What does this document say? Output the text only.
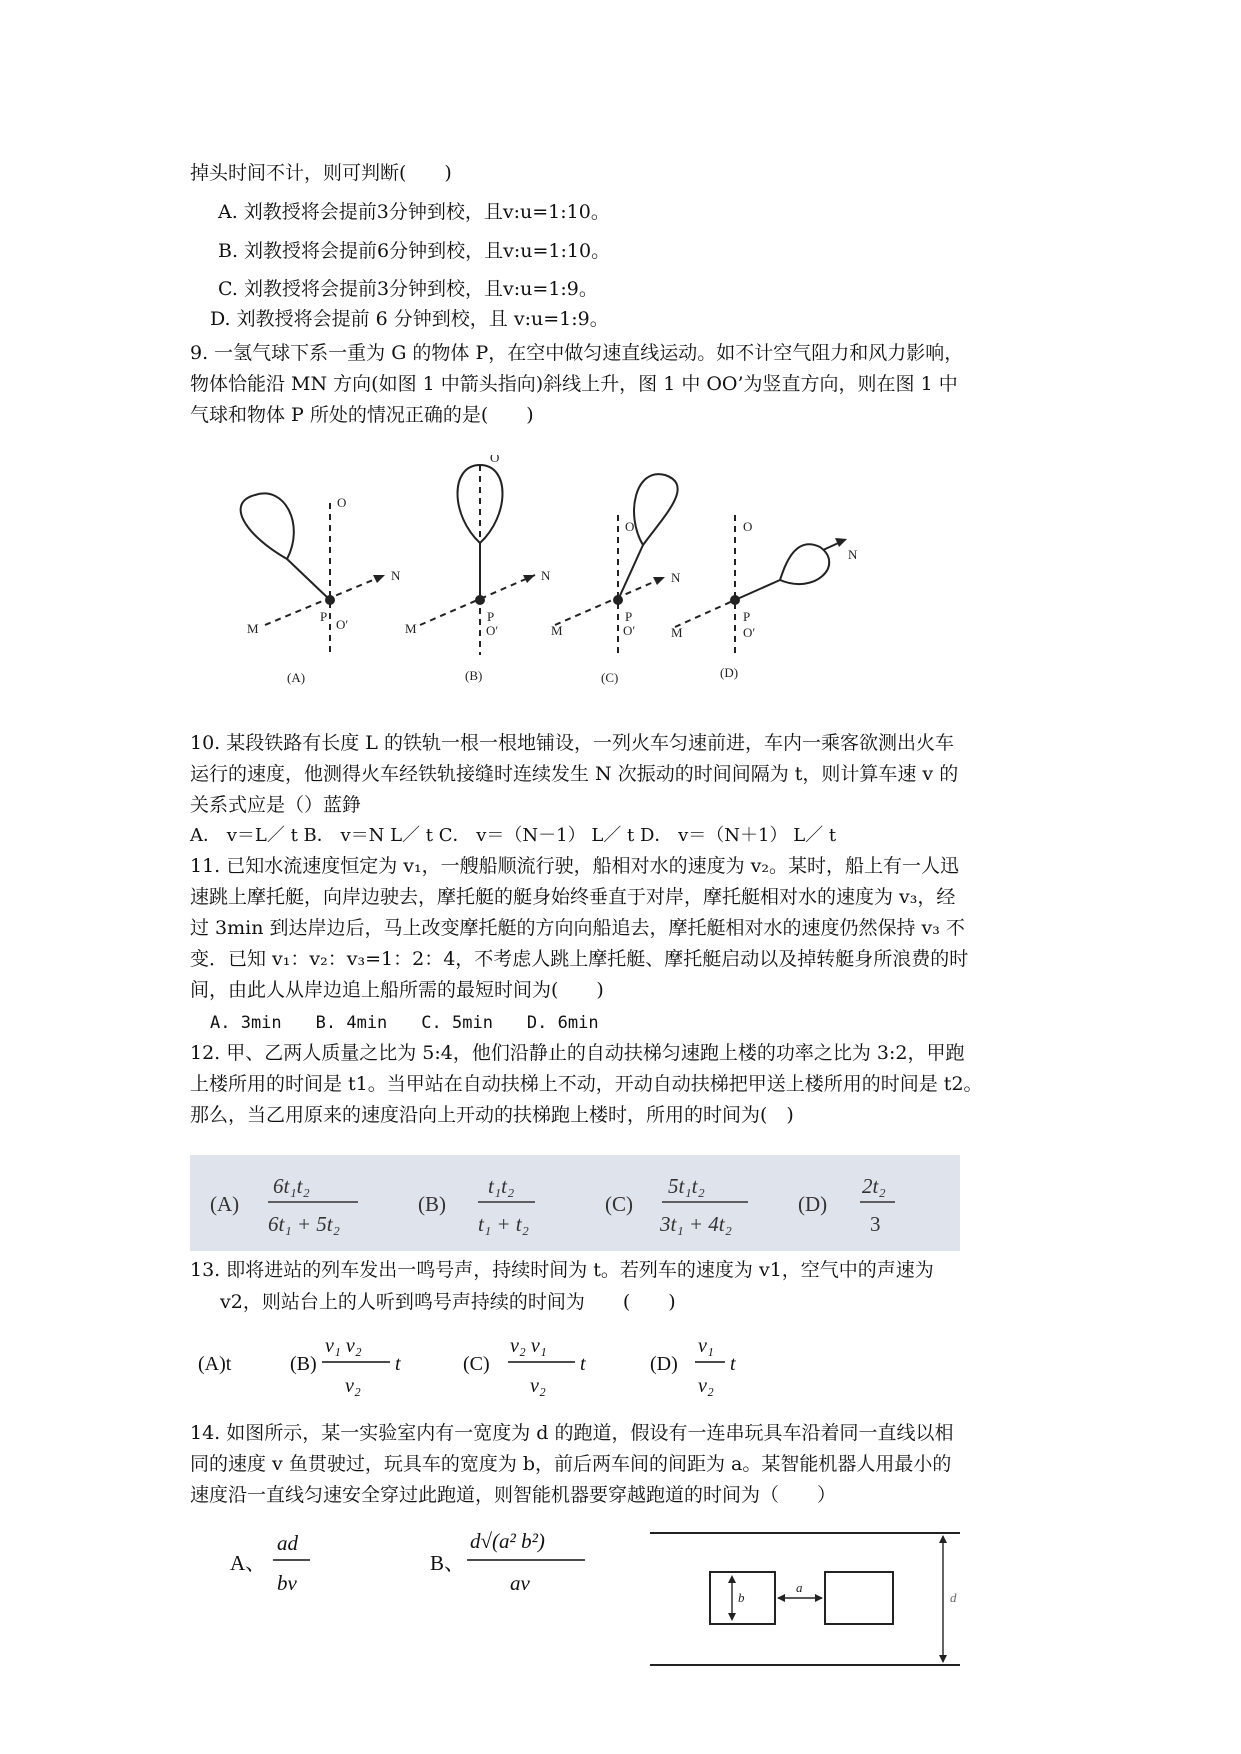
掉头时间不计，则可判断(　　)
A. 刘教授将会提前3分钟到校，且v:u=1:10。
B. 刘教授将会提前6分钟到校，且v:u=1:10。
C. 刘教授将会提前3分钟到校，且v:u=1:9。
D. 刘教授将会提前 6 分钟到校，且 v:u=1:9。
9. 一氢气球下系一重为 G 的物体 P，在空中做匀速直线运动。如不计空气阻力和风力影响，
物体恰能沿 MN 方向(如图 1 中箭头指向)斜线上升，图 1 中 OO’为竖直方向，则在图 1 中
气球和物体 P 所处的情况正确的是(　　)
O
P
M
N
O′
(A)
O
P
M
N
O′
(B)
O
P
M
N
O′
(C)
O
P
M
N
O′
(D)
10. 某段铁路有长度 L 的铁轨一根一根地铺设，一列火车匀速前进，车内一乘客欲测出火车
运行的速度，他测得火车经铁轨接缝时连续发生 N 次振动的时间间隔为 t，则计算车速 v 的
关系式应是（）蓝錚
A． v＝L／ t B． v＝N L／ t C． v＝（N－1） L／ t D． v＝（N＋1） L／ t
11. 已知水流速度恒定为 v₁，一艘船顺流行驶，船相对水的速度为 v₂。某时，船上有一人迅
速跳上摩托艇，向岸边驶去，摩托艇的艇身始终垂直于对岸，摩托艇相对水的速度为 v₃，经
过 3min 到达岸边后，马上改变摩托艇的方向向船追去，摩托艇相对水的速度仍然保持 v₃ 不
变．已知 v₁：v₂：v₃=1：2：4，不考虑人跳上摩托艇、摩托艇启动以及掉转艇身所浪费的时
间，由此人从岸边追上船所需的最短时间为(　　)
A. 3min　　B. 4min　　C. 5min　　D. 6min
12. 甲、乙两人质量之比为 5:4，他们沿静止的自动扶梯匀速跑上楼的功率之比为 3:2，甲跑
上楼所用的时间是 t1。当甲站在自动扶梯上不动，开动自动扶梯把甲送上楼所用的时间是 t2。
那么，当乙用原来的速度沿向上开动的扶梯跑上楼时，所用的时间为(　)
(A)
6t₁t₂
6t₁ + 5t₂
(B)
t₁t₂
t₁ + t₂
(C)
5t₁t₂
3t₁ + 4t₂
(D)
2t₂
3
13. 即将进站的列车发出一鸣号声，持续时间为 t。若列车的速度为 v1，空气中的声速为
v2，则站台上的人听到鸣号声持续的时间为　　(　　)
(A)t	(B)
v₁ v₂
v₂
t	(C)
v₂ v₁
v₂
t	(D)
v₁
v₂
t
14. 如图所示，某一实验室内有一宽度为 d 的跑道，假设有一连串玩具车沿着同一直线以相
同的速度 v 鱼贯驶过，玩具车的宽度为 b，前后两车间的间距为 a。某智能机器人用最小的
速度沿一直线匀速安全穿过此跑道，则智能机器要穿越跑道的时间为（　　）
A、
ad
bv
B、
d√(a² b²)
av
b
a
d
